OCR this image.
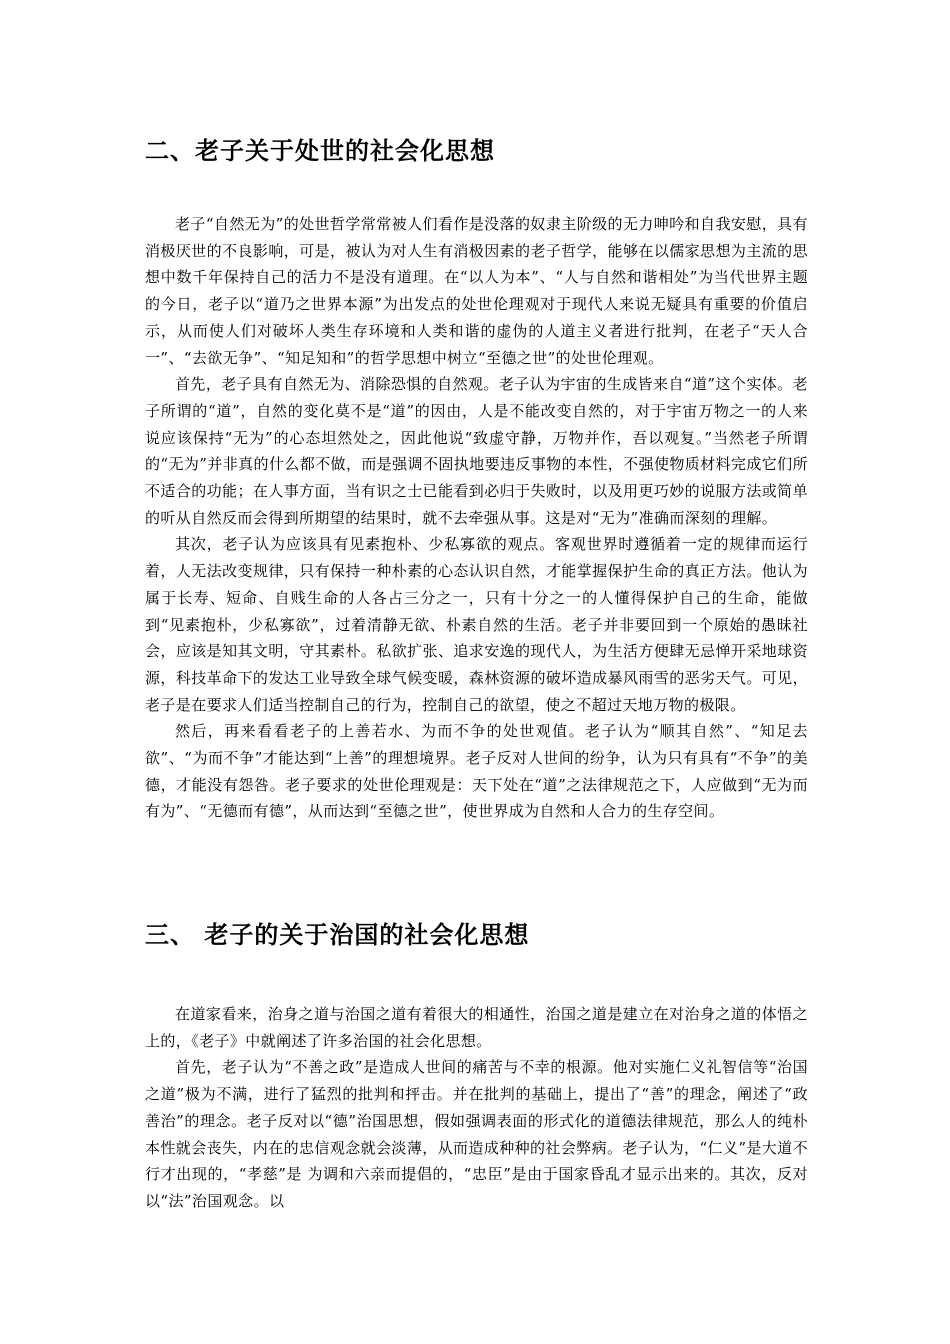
二、老子关于处世的社会化思想

老子“自然无为”的处世哲学常常被人们看作是没落的奴隶主阶级的无力呻吟和自我安慰，具有消极厌世的不良影响，可是，被认为对人生有消极因素的老子哲学，能够在以儒家思想为主流的思想中数千年保持自己的活力不是没有道理。在“以人为本”、“人与自然和谐相处”为当代世界主题的今日，老子以“道乃之世界本源”为出发点的处世伦理观对于现代人来说无疑具有重要的价值启示，从而使人们对破坏人类生存环境和人类和谐的虚伪的人道主义者进行批判，在老子“天人合一”、“去欲无争”、“知足知和”的哲学思想中树立“至德之世”的处世伦理观。

首先，老子具有自然无为、消除恐惧的自然观。老子认为宇宙的生成皆来自“道”这个实体。老子所谓的“道”，自然的变化莫不是“道”的因由，人是不能改变自然的，对于宇宙万物之一的人来说应该保持“无为”的心态坦然处之，因此他说“致虚守静，万物并作，吾以观复。”当然老子所谓的“无为”并非真的什么都不做，而是强调不固执地要违反事物的本性，不强使物质材料完成它们所不适合的功能；在人事方面，当有识之士已能看到必归于失败时，以及用更巧妙的说服方法或简单的听从自然反而会得到所期望的结果时，就不去牵强从事。这是对“无为”准确而深刻的理解。

其次，老子认为应该具有见素抱朴、少私寡欲的观点。客观世界时遵循着一定的规律而运行着，人无法改变规律，只有保持一种朴素的心态认识自然，才能掌握保护生命的真正方法。他认为属于长寿、短命、自贱生命的人各占三分之一，只有十分之一的人懂得保护自己的生命，能做到“见素抱朴，少私寡欲”，过着清静无欲、朴素自然的生活。老子并非要回到一个原始的愚昧社会，应该是知其文明，守其素朴。私欲扩张、追求安逸的现代人，为生活方便肆无忌惮开采地球资源，科技革命下的发达工业导致全球气候变暖，森林资源的破坏造成暴风雨雪的恶劣天气。可见，老子是在要求人们适当控制自己的行为，控制自己的欲望，使之不超过天地万物的极限。

然后，再来看看老子的上善若水、为而不争的处世观值。老子认为“顺其自然”、“知足去欲”、“为而不争”才能达到“上善”的理想境界。老子反对人世间的纷争，认为只有具有“不争”的美德，才能没有怨咎。老子要求的处世伦理观是：天下处在“道”之法律规范之下，人应做到“无为而有为”、“无德而有德”，从而达到“至德之世”，使世界成为自然和人合力的生存空间。

三、 老子的关于治国的社会化思想

在道家看来，治身之道与治国之道有着很大的相通性，治国之道是建立在对治身之道的体悟之上的，《老子》中就阐述了许多治国的社会化思想。

首先，老子认为“不善之政”是造成人世间的痛苦与不幸的根源。他对实施仁义礼智信等“治国之道”极为不满，进行了猛烈的批判和抨击。并在批判的基础上，提出了“善”的理念，阐述了“政善治”的理念。老子反对以“德”治国思想，假如强调表面的形式化的道德法律规范，那么人的纯朴本性就会丧失，内在的忠信观念就会淡薄，从而造成种种的社会弊病。老子认为，“仁义”是大道不行才出现的，“孝慈”是 为调和六亲而提倡的，“忠臣”是由于国家昏乱才显示出来的。其次，反对以“法”治国观念。以
